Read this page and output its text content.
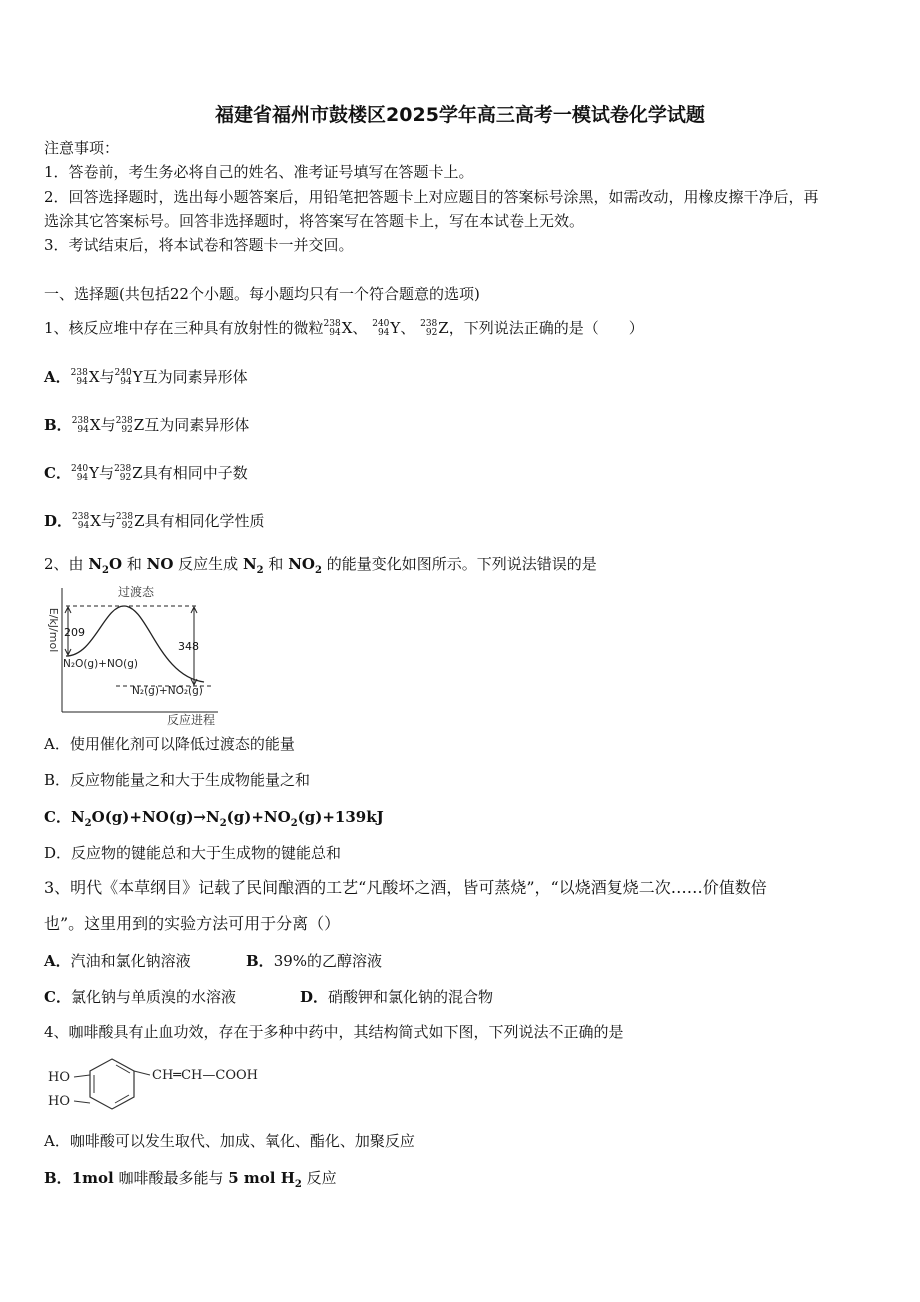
福建省福州市鼓楼区2025学年高三高考一模试卷化学试题
注意事项：
1．答卷前，考生务必将自己的姓名、准考证号填写在答题卡上。
2．回答选择题时，选出每小题答案后，用铅笔把答题卡上对应题目的答案标号涂黑，如需改动，用橡皮擦干净后，再
选涂其它答案标号。回答非选择题时，将答案写在答题卡上，写在本试卷上无效。
3．考试结束后，将本试卷和答题卡一并交回。
一、选择题(共包括22个小题。每小题均只有一个符合题意的选项)
1、核反应堆中存在三种具有放射性的微粒 238
94 X、 240
94 Y、 238
92 Z，下列说法正确的是（　　）
A． 238
94 X与 240
94 Y互为同素异形体
B． 238
94 X与 238
92 Z互为同素异形体
C． 240
94 Y与 238
92 Z具有相同中子数
D． 238
94 X与 238
92 Z具有相同化学性质
2、由 $N_2O$ 和 NO 反应生成 $N_2$ 和 $NO_2$ 的能量变化如图所示。下列说法错误的是
E/kJ/mol
反应进程
过渡态
209
348
N₂O(g)+NO(g)
N₂(g)+NO₂(g)
A．使用催化剂可以降低过渡态的能量
B．反应物能量之和大于生成物能量之和
C．$N_2O(g)+NO(g)\to N_2(g)+NO_2(g)+139kJ$
D．反应物的键能总和大于生成物的键能总和
3、明代《本草纲目》记载了民间酿酒的工艺“凡酸坏之酒，皆可蒸烧”，“以烧酒复烧二次……价值数倍
也”。这里用到的实验方法可用于分离（）
A．汽油和氯化钠溶液	B．39%的乙醇溶液
C．氯化钠与单质溴的水溶液	D．硝酸钾和氯化钠的混合物
4、咖啡酸具有止血功效，存在于多种中药中，其结构简式如下图，下列说法不正确的是
HO
HO
CH═CH—COOH
A．咖啡酸可以发生取代、加成、氧化、酯化、加聚反应
B．1mol 咖啡酸最多能与 5 mol $H_2$ 反应
